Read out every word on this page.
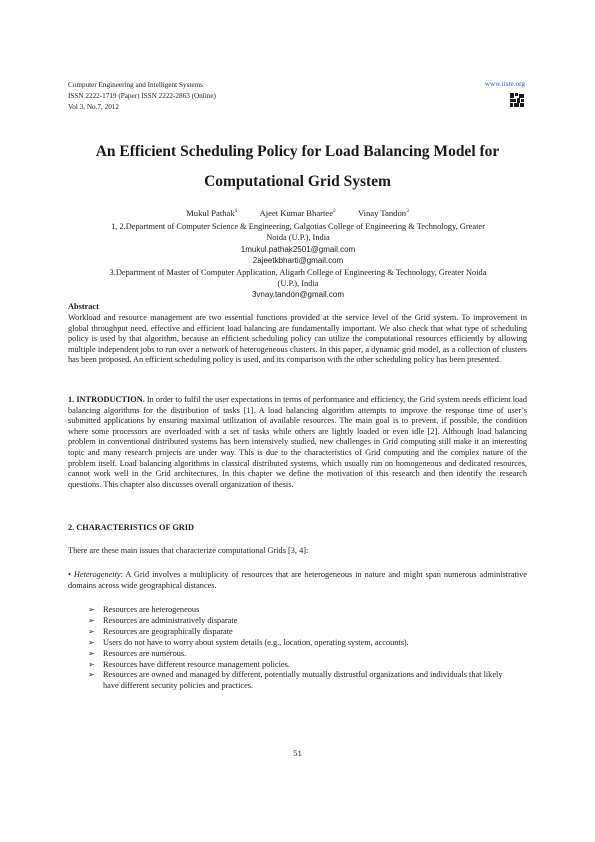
Computer Engineering and Intelligent Systems
ISSN 2222-1719 (Paper) ISSN 2222-2863 (Online)
Vol 3, No.7, 2012
www.iiste.org
An Efficient Scheduling Policy for Load Balancing Model for
Computational Grid System
Mukul Pathak$^1$	Ajeet Kumar Bhartee$^2$	Vinay Tandon$^3$
1, 2.Department of Computer Science & Engineering, Galgotias College of Engineering & Technology, Greater
Noida (U.P.), India
1mukul.pathak2501@gmail.com
2ajeetkbharti@gmail.com
3.Department of Master of Computer Application, Aligarh College of Engineering & Technology, Greater Noida
(U.P.), India
3vnay.tandon@gmail.com
Abstract
Workload and resource management are two essential functions provided at the service level of the Grid system. To improvement in global throughput need, effective and efficient load balancing are fundamentally important. We also check that what type of scheduling policy is used by that algorithm, because an efficient scheduling policy can utilize the computational resources efficiently by allowing multiple independent jobs to run over a network of heterogeneous clusters. In this paper, a dynamic grid model, as a collection of clusters has been proposed. An efficient scheduling policy is used, and its comparison with the other scheduling policy has been presented.
1. INTRODUCTION. In order to fulfil the user expectations in terms of performance and efficiency, the Grid system needs efficient load balancing algorithms for the distribution of tasks [1]. A load balancing algorithm attempts to improve the response time of user’s submitted applications by ensuring maximal utilization of available resources. The main goal is to prevent, if possible, the condition where some processors are overloaded with a set of tasks while others are lightly loaded or even idle [2]. Although load balancing problem in conventional distributed systems has been intensively studied, new challenges in Grid computing still make it an interesting topic and many research projects are under way. This is due to the characteristics of Grid computing and the complex nature of the problem itself. Load balancing algorithms in classical distributed systems, which usually run on homogeneous and dedicated resources, cannot work well in the Grid architectures. In this chapter we define the motivation of this research and then identify the research questions. This chapter also discusses overall organization of thesis.
2. CHARACTERISTICS OF GRID
There are these main issues that characterize computational Grids [3, 4]:
• Heterogeneity: A Grid involves a multiplicity of resources that are heterogeneous in nature and might span numerous administrative domains across wide geographical distances.
➢ Resources are heterogeneous
➢ Resources are administratively disparate
➢ Resources are geographically disparate
➢ Users do not have to worry about system details (e.g., location, operating system, accounts).
➢ Resources are numerous.
➢ Resources have different resource management policies.
➢ Resources are owned and managed by different, potentially mutually distrustful organizations and individuals that likely have different security policies and practices.
51
